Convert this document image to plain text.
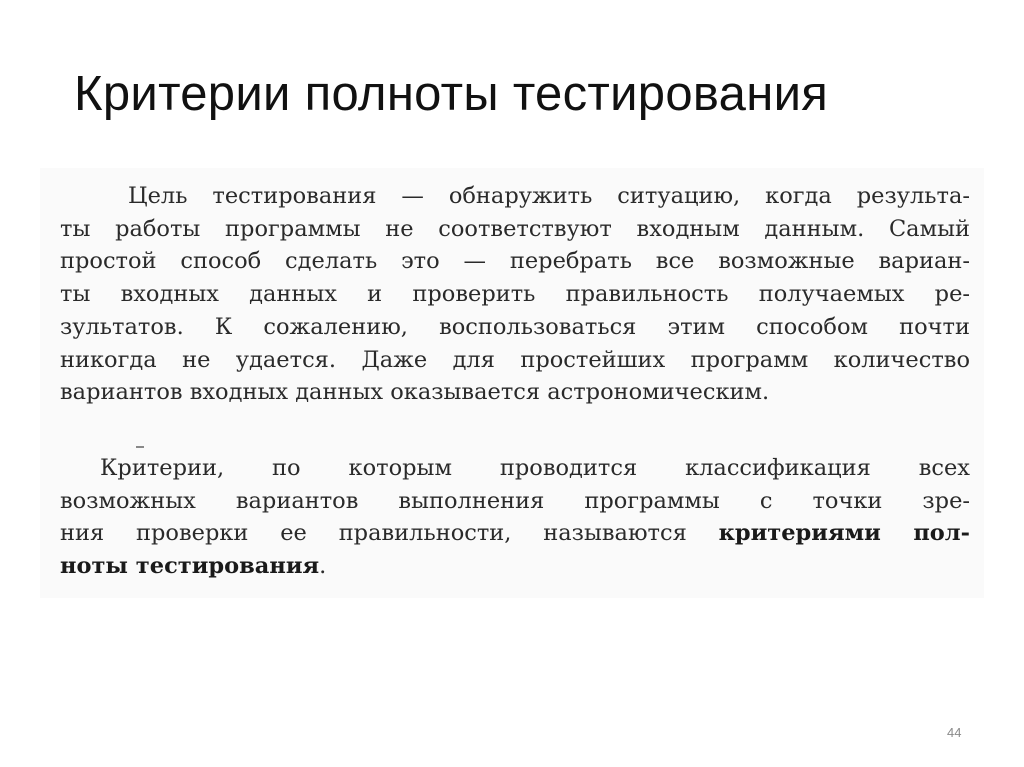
Критерии полноты тестирования
Цель тестирования — обнаружить ситуацию, когда результа-
ты работы программы не соответствуют входным данным. Самый
простой способ сделать это — перебрать все возможные вариан-
ты входных данных и проверить правильность получаемых ре-
зультатов. К сожалению, воспользоваться этим способом почти
никогда не удается. Даже для простейших программ количество
вариантов входных данных оказывается астрономическим.
Критерии, по которым проводится классификация всех
возможных вариантов выполнения программы с точки зре-
ния проверки ее правильности, называются критериями пол-
ноты тестирования.
44
